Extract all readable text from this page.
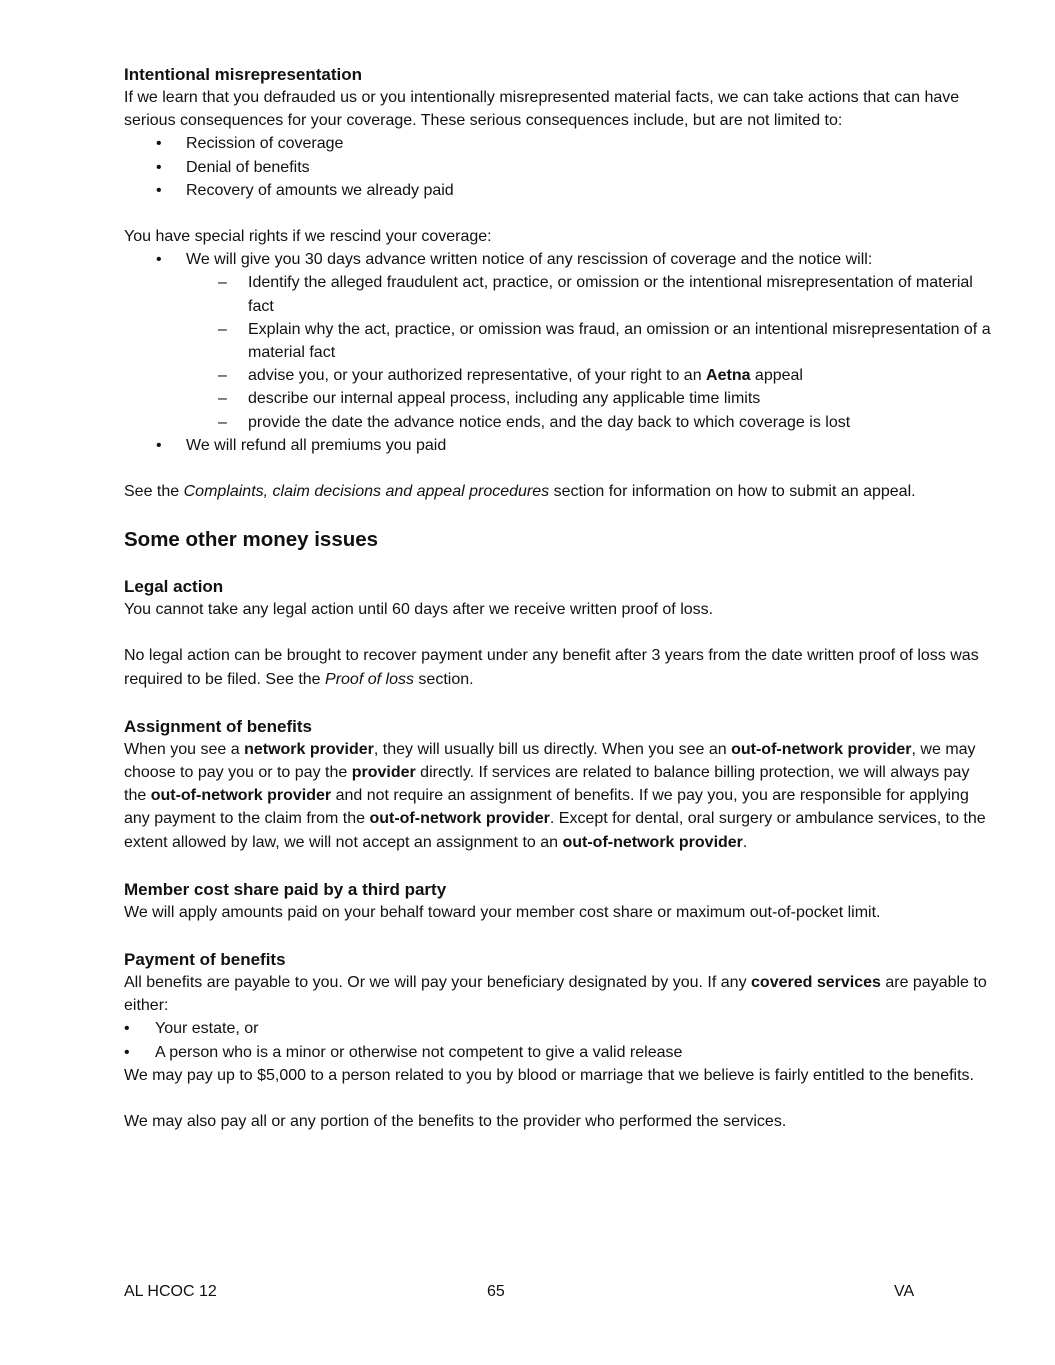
Intentional misrepresentation

If we learn that you defrauded us or you intentionally misrepresented material facts, we can take actions that can have serious consequences for your coverage. These serious consequences include, but are not limited to:

• Recission of coverage
• Denial of benefits
• Recovery of amounts we already paid

You have special rights if we rescind your coverage:

• We will give you 30 days advance written notice of any rescission of coverage and the notice will:
– Identify the alleged fraudulent act, practice, or omission or the intentional misrepresentation of material fact
– Explain why the act, practice, or omission was fraud, an omission or an intentional misrepresentation of a material fact
– advise you, or your authorized representative, of your right to an Aetna appeal
– describe our internal appeal process, including any applicable time limits
– provide the date the advance notice ends, and the day back to which coverage is lost
• We will refund all premiums you paid

See the Complaints, claim decisions and appeal procedures section for information on how to submit an appeal.

Some other money issues

Legal action

You cannot take any legal action until 60 days after we receive written proof of loss.

No legal action can be brought to recover payment under any benefit after 3 years from the date written proof of loss was required to be filed. See the Proof of loss section.

Assignment of benefits

When you see a network provider, they will usually bill us directly. When you see an out-of-network provider, we may choose to pay you or to pay the provider directly. If services are related to balance billing protection, we will always pay the out-of-network provider and not require an assignment of benefits. If we pay you, you are responsible for applying any payment to the claim from the out-of-network provider. Except for dental, oral surgery or ambulance services, to the extent allowed by law, we will not accept an assignment to an out-of-network provider.

Member cost share paid by a third party

We will apply amounts paid on your behalf toward your member cost share or maximum out-of-pocket limit.

Payment of benefits

All benefits are payable to you. Or we will pay your beneficiary designated by you. If any covered services are payable to either:

• Your estate, or
• A person who is a minor or otherwise not competent to give a valid release

We may pay up to $5,000 to a person related to you by blood or marriage that we believe is fairly entitled to the benefits.

We may also pay all or any portion of the benefits to the provider who performed the services.

AL HCOC 12	65	VA
